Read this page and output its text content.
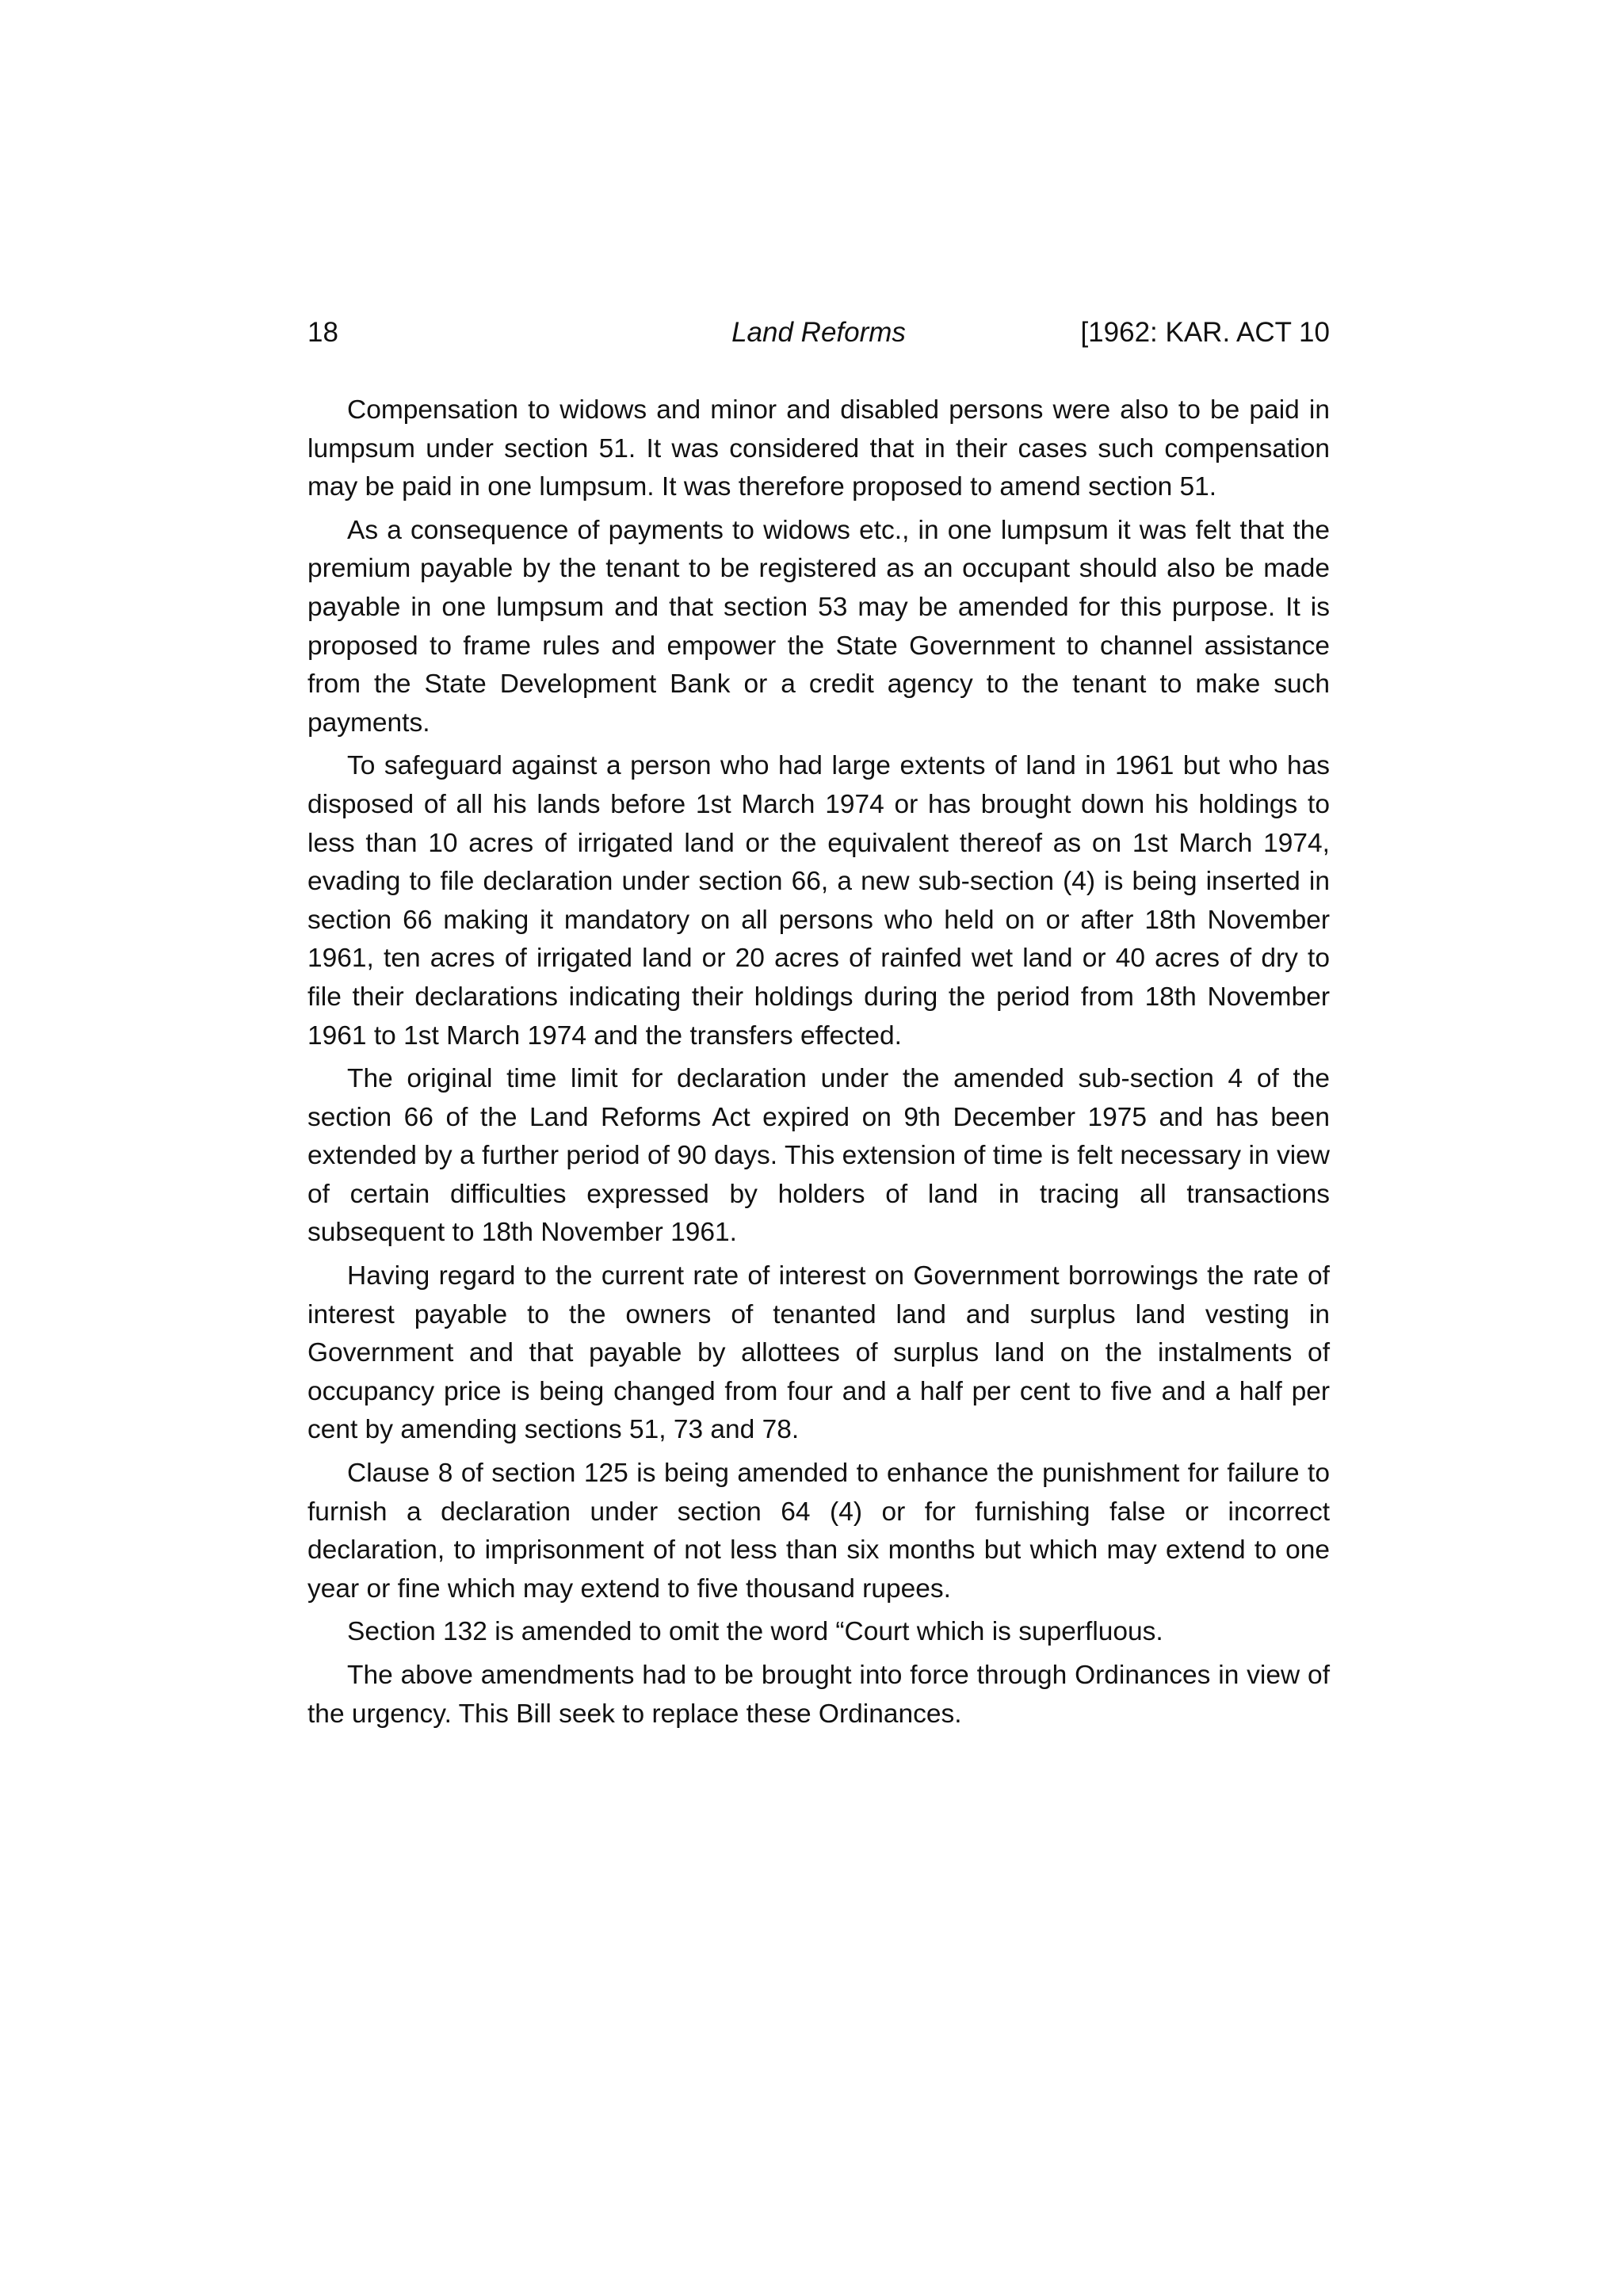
18	Land Reforms	[1962: KAR. ACT 10

Compensation to widows and minor and disabled persons were also to be paid in lumpsum under section 51. It was considered that in their cases such compensation may be paid in one lumpsum. It was therefore proposed to amend section 51.

As a consequence of payments to widows etc., in one lumpsum it was felt that the premium payable by the tenant to be registered as an occupant should also be made payable in one lumpsum and that section 53 may be amended for this purpose. It is proposed to frame rules and empower the State Government to channel assistance from the State Development Bank or a credit agency to the tenant to make such payments.

To safeguard against a person who had large extents of land in 1961 but who has disposed of all his lands before 1st March 1974 or has brought down his holdings to less than 10 acres of irrigated land or the equivalent thereof as on 1st March 1974, evading to file declaration under section 66, a new sub-section (4) is being inserted in section 66 making it mandatory on all persons who held on or after 18th November 1961, ten acres of irrigated land or 20 acres of rainfed wet land or 40 acres of dry to file their declarations indicating their holdings during the period from 18th November 1961 to 1st March 1974 and the transfers effected.

The original time limit for declaration under the amended sub-section 4 of the section 66 of the Land Reforms Act expired on 9th December 1975 and has been extended by a further period of 90 days. This extension of time is felt necessary in view of certain difficulties expressed by holders of land in tracing all transactions subsequent to 18th November 1961.

Having regard to the current rate of interest on Government borrowings the rate of interest payable to the owners of tenanted land and surplus land vesting in Government and that payable by allottees of surplus land on the instalments of occupancy price is being changed from four and a half per cent to five and a half per cent by amending sections 51, 73 and 78.

Clause 8 of section 125 is being amended to enhance the punishment for failure to furnish a declaration under section 64 (4) or for furnishing false or incorrect declaration, to imprisonment of not less than six months but which may extend to one year or fine which may extend to five thousand rupees.

Section 132 is amended to omit the word “Court which is superfluous.

The above amendments had to be brought into force through Ordinances in view of the urgency. This Bill seek to replace these Ordinances.
